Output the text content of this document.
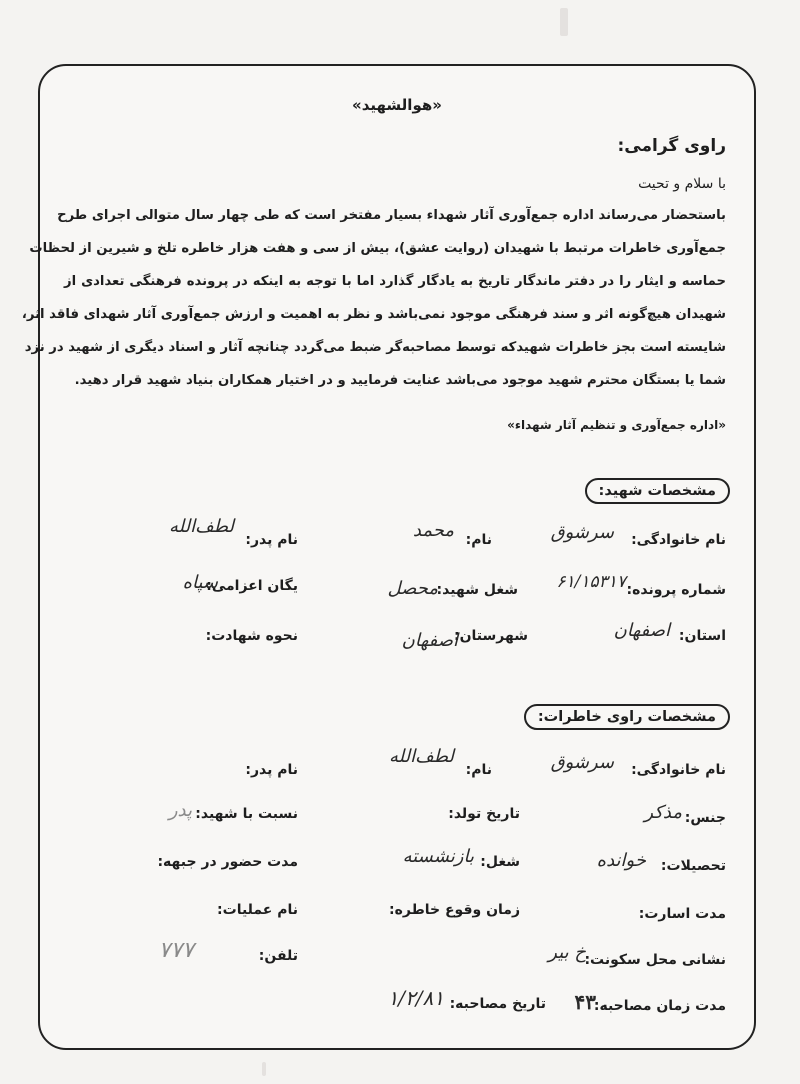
«هوالشهید»
راوی گرامی:
با سلام و تحیت
باستحضار می‌رساند اداره جمع‌آوری آثار شهداء بسیار مفتخر است که طی چهار سال متوالی اجرای طرح
جمع‌آوری خاطرات مرتبط با شهیدان (روایت عشق)، بیش از سی و هفت هزار خاطره تلخ و شیرین از لحظات
حماسه و ایثار را در دفتر ماندگار تاریخ به یادگار گذارد اما با توجه به اینکه در پرونده فرهنگی تعدادی از
شهیدان هیچ‌گونه اثر و سند فرهنگی موجود نمی‌باشد و نظر به اهمیت و ارزش جمع‌آوری آثار شهدای فاقد اثر،
شایسته است بجز خاطرات شهیدکه توسط مصاحبه‌گر ضبط می‌گردد چنانچه آثار و اسناد دیگری از شهید در نزد
شما یا بستگان محترم شهید موجود می‌باشد عنایت فرمایید و در اختیار همکاران بنیاد شهید قرار دهید.
«اداره جمع‌آوری و تنظیم آثار شهداء»
مشخصات شهید:
نام خانوادگی:
سرشوق
نام:
محمد
نام پدر:
لطف‌الله
شماره پرونده:
۶۱/۱۵۳۱۷
شغل شهید:
محصل
یگان اعزامی:
سپاه
استان:
اصفهان
شهرستان:
اصفهان
نحوه شهادت:
مشخصات راوی خاطرات:
نام خانوادگی:
سرشوق
نام:
لطف‌الله
نام پدر:
جنس:
مذکر
تاریخ تولد:
نسبت با شهید:
پدر
تحصیلات:
خوانده
شغل:
بازنشسته
مدت حضور در جبهه:
مدت اسارت:
زمان وقوع خاطره:
نام عملیات:
نشانی محل سکونت:
خ بیر
تلفن:
۷۷۷
مدت زمان مصاحبه:
۴۳
تاریخ مصاحبه:
۱/۲/۸۱
